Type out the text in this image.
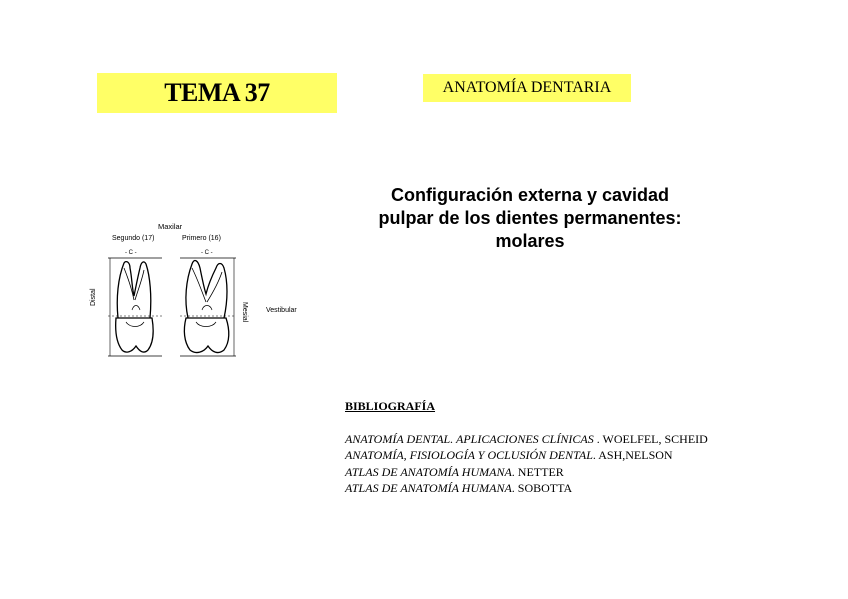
TEMA 37	ANATOMÍA DENTARIA
Configuración externa y cavidad
pulpar de los dientes permanentes:
molares
Maxilar
Segundo (17)	Primero (16)
Distal
Mesial	Vestibular
- C -	- C -
BIBLIOGRAFÍA
ANATOMÍA DENTAL. APLICACIONES CLÍNICAS . WOELFEL, SCHEID
ANATOMÍA, FISIOLOGÍA Y OCLUSIÓN DENTAL. ASH,NELSON
ATLAS DE ANATOMÍA HUMANA. NETTER
ATLAS DE ANATOMÍA HUMANA. SOBOTTA
